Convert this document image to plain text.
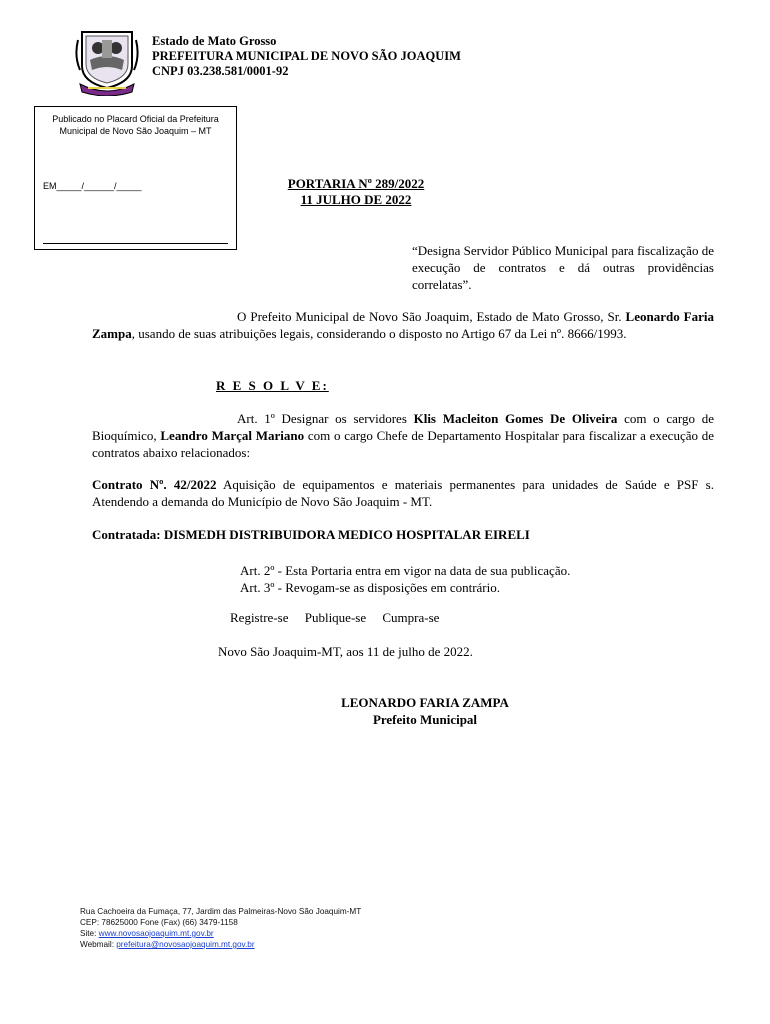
Estado de Mato Grosso
PREFEITURA MUNICIPAL DE NOVO SÃO JOAQUIM
CNPJ 03.238.581/0001-92
Publicado no Placard Oficial da Prefeitura Municipal de Novo São Joaquim – MT
EM_____/______/_____	PORTARIA Nº 289/2022
11 JULHO DE 2022
“Designa Servidor Público Municipal para fiscalização de execução de contratos e dá outras providências correlatas”.
O Prefeito Municipal de Novo São Joaquim, Estado de Mato Grosso, Sr. Leonardo Faria Zampa, usando de suas atribuições legais, considerando o disposto no Artigo 67 da Lei nº. 8666/1993.
R E S O L V E:
Art. 1º Designar os servidores Klis Macleiton Gomes De Oliveira com o cargo de Bioquímico, Leandro Marçal Mariano com o cargo Chefe de Departamento Hospitalar para fiscalizar a execução de contratos abaixo relacionados:
Contrato Nº. 42/2022 Aquisição de equipamentos e materiais permanentes para unidades de Saúde e PSF s. Atendendo a demanda do Município de Novo São Joaquim - MT.
Contratada: DISMEDH DISTRIBUIDORA MEDICO HOSPITALAR EIRELI
Art. 2º - Esta Portaria entra em vigor na data de sua publicação.
Art. 3º - Revogam-se as disposições em contrário.
Registre-se     Publique-se     Cumpra-se
Novo São Joaquim-MT, aos 11 de julho de 2022.
LEONARDO FARIA ZAMPA
Prefeito Municipal
Rua Cachoeira da Fumaça, 77, Jardim das Palmeiras-Novo São Joaquim-MT
CEP: 78625000 Fone (Fax) (66) 3479-1158
Site: www.novosaojoaquim.mt.gov.br
Webmail: prefeitura@novosaojoaquim.mt.gov.br
